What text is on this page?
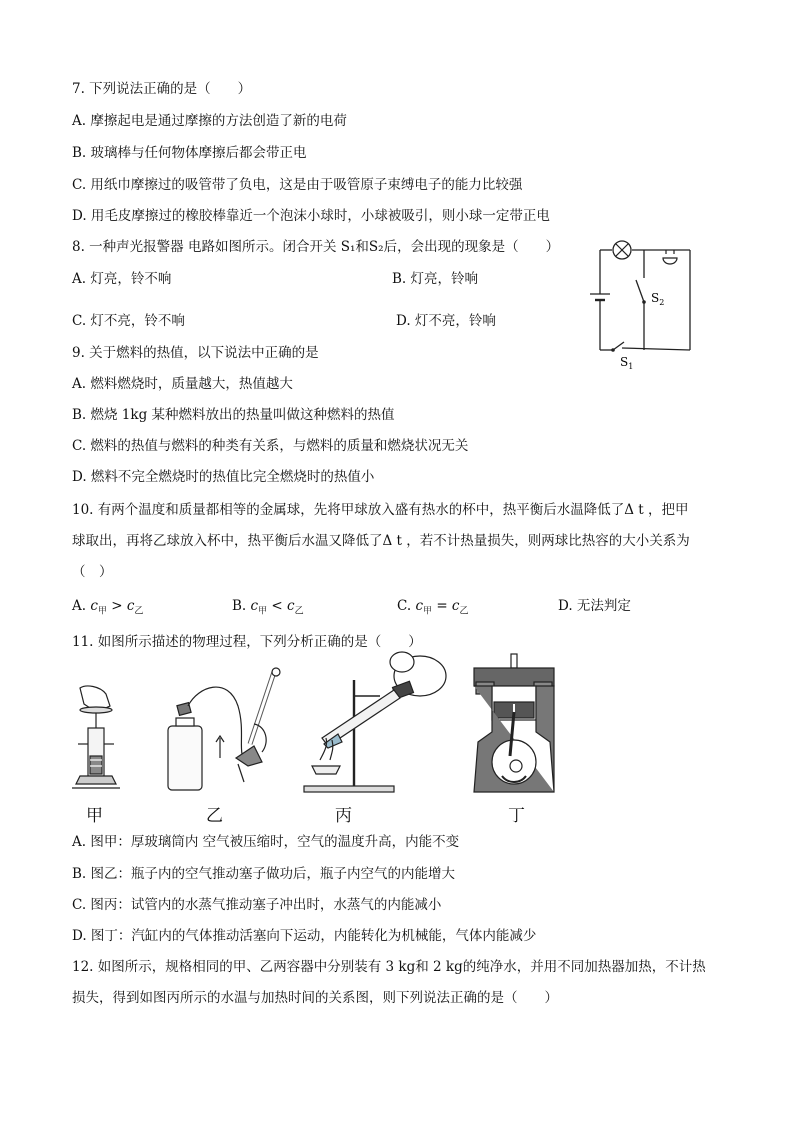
7. 下列说法正确的是（　　）
A. 摩擦起电是通过摩擦的方法创造了新的电荷
B. 玻璃棒与任何物体摩擦后都会带正电
C. 用纸巾摩擦过的吸管带了负电，这是由于吸管原子束缚电子的能力比较强
D. 用毛皮摩擦过的橡胶棒靠近一个泡沫小球时，小球被吸引，则小球一定带正电
8. 一种声光报警器 电路如图所示。闭合开关 S₁和S₂后，会出现的现象是（　　）
A. 灯亮，铃不响	B. 灯亮，铃响
C. 灯不亮，铃不响	D. 灯不亮，铃响
$S_2$
$S_1$
9. 关于燃料的热值，以下说法中正确的是
A. 燃料燃烧时，质量越大，热值越大
B. 燃烧 1kg 某种燃料放出的热量叫做这种燃料的热值
C. 燃料的热值与燃料的种类有关系，与燃料的质量和燃烧状况无关
D. 燃料不完全燃烧时的热值比完全燃烧时的热值小
10. 有两个温度和质量都相等的金属球，先将甲球放入盛有热水的杯中，热平衡后水温降低了Δ t ，把甲
球取出，再将乙球放入杯中，热平衡后水温又降低了Δ t ，若不计热量损失，则两球比热容的大小关系为
（　）
A. $c_甲 > c_乙$	B. $c_甲 < c_乙$	C. $c_甲 = c_乙$	D. 无法判定
11. 如图所示描述的物理过程，下列分析正确的是（　　）
甲	乙	丙	丁
A. 图甲：厚玻璃筒内 空气被压缩时，空气的温度升高，内能不变
B. 图乙：瓶子内的空气推动塞子做功后，瓶子内空气的内能增大
C. 图丙：试管内的水蒸气推动塞子冲出时，水蒸气的内能减小
D. 图丁：汽缸内的气体推动活塞向下运动，内能转化为机械能，气体内能减少
12. 如图所示，规格相同的甲、乙两容器中分别装有 3 kg和 2 kg的纯净水，并用不同加热器加热，不计热
损失，得到如图丙所示的水温与加热时间的关系图，则下列说法正确的是（　　）
